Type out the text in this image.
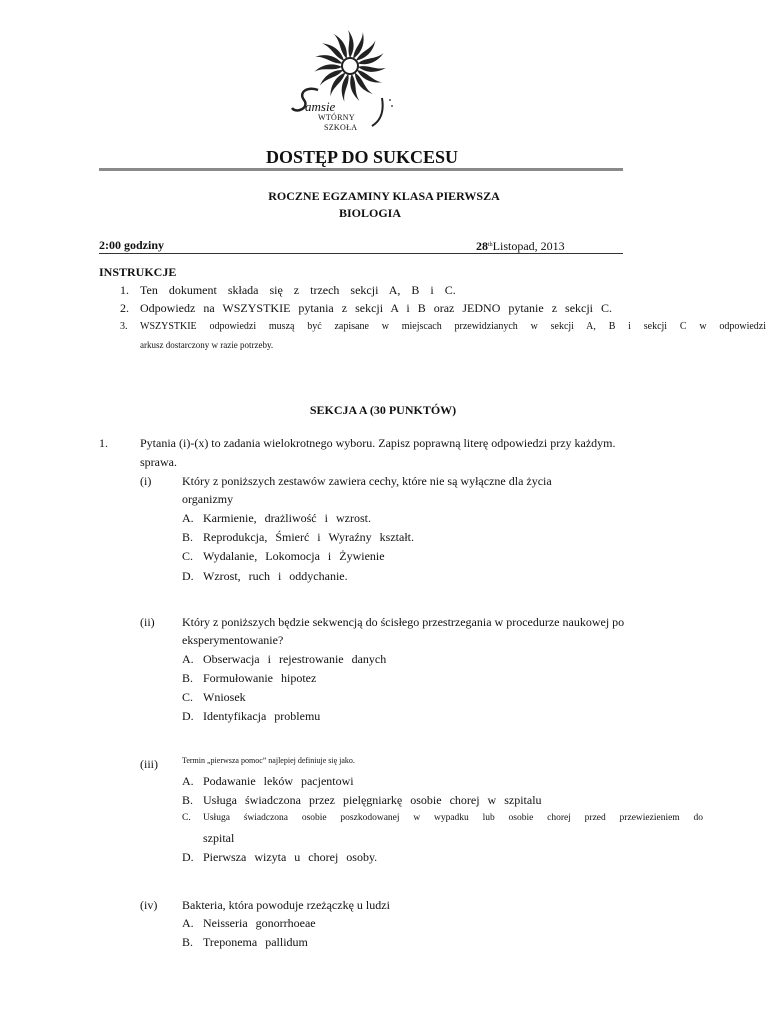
amsie
WTÓRNY
SZKOŁA
DOSTĘP DO SUKCESU
ROCZNE EGZAMINY KLASA PIERWSZA
BIOLOGIA
2:00 godziny	28thListopad, 2013
INSTRUKCJE
1. Ten dokument składa się z trzech sekcji A, B i C.
2. Odpowiedz na WSZYSTKIE pytania z sekcji A i B oraz JEDNO pytanie z sekcji C.
3. WSZYSTKIE odpowiedzi muszą być zapisane w miejscach przewidzianych w sekcji A, B i sekcji C w odpowiedzi
arkusz dostarczony w razie potrzeby.
SEKCJA A (30 PUNKTÓW)
1.	Pytania (i)-(x) to zadania wielokrotnego wyboru. Zapisz poprawną literę odpowiedzi przy każdym.
sprawa.
(i)	Który z poniższych zestawów zawiera cechy, które nie są wyłączne dla życia
organizmy
A. Karmienie, drażliwość i wzrost.
B. Reprodukcja, Śmierć i Wyraźny kształt.
C. Wydalanie, Lokomocja i Żywienie
D. Wzrost, ruch i oddychanie.
(ii) Który z poniższych będzie sekwencją do ścisłego przestrzegania w procedurze naukowej po
eksperymentowanie?
A. Obserwacja i rejestrowanie danych
B. Formułowanie hipotez
C. Wniosek
D. Identyfikacja problemu
(iii)	Termin „pierwsza pomoc” najlepiej definiuje się jako.
A. Podawanie leków pacjentowi
B. Usługa świadczona przez pielęgniarkę osobie chorej w szpitalu
C. Usługa świadczona osobie poszkodowanej w wypadku lub osobie chorej przed przewiezieniem do
szpital
D. Pierwsza wizyta u chorej osoby.
(iv) Bakteria, która powoduje rzeżączkę u ludzi
A. Neisseria gonorrhoeae
B. Treponema pallidum
